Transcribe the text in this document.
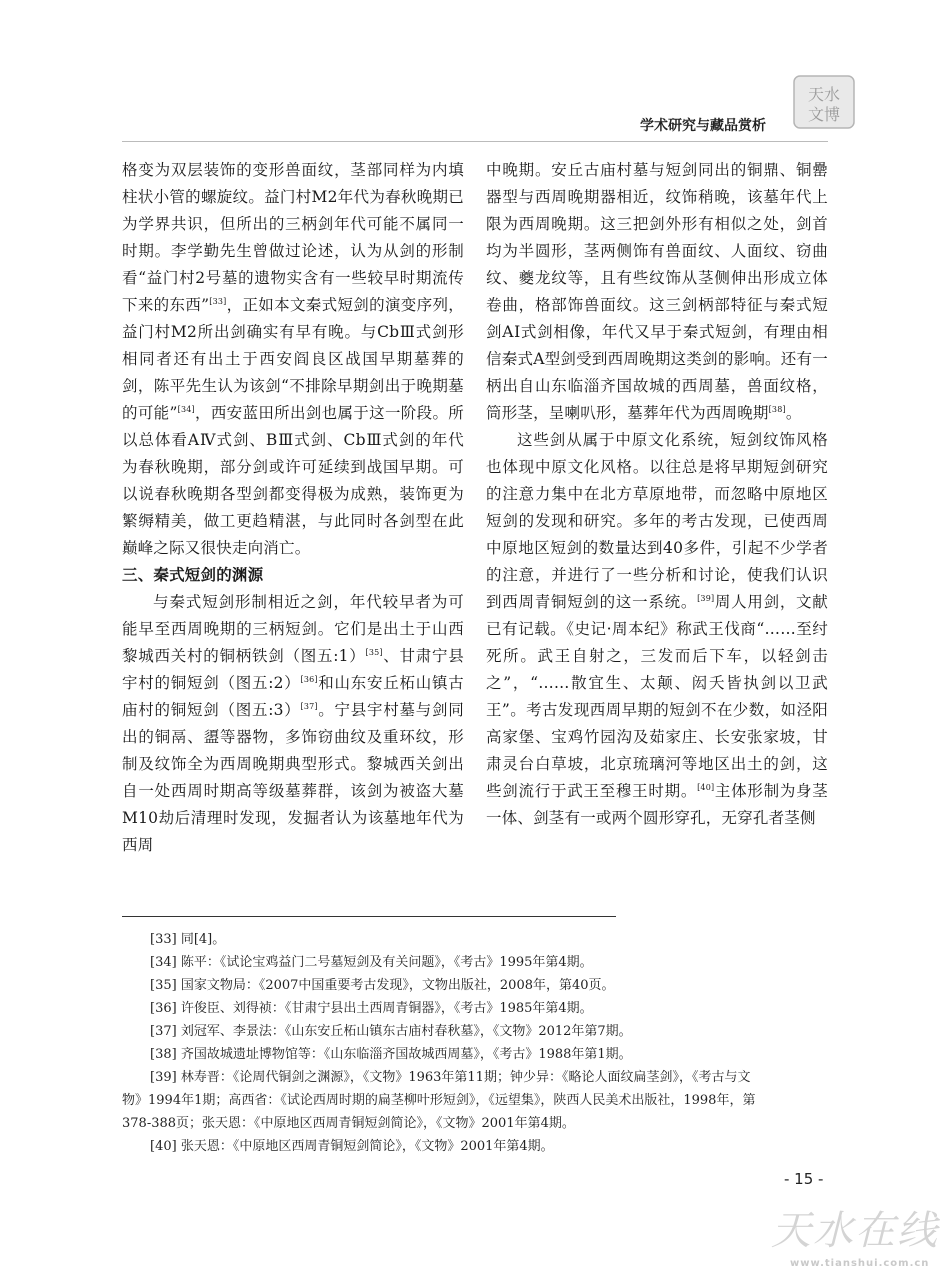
天水
文博
学术研究与藏品赏析

格变为双层装饰的变形兽面纹，茎部同样为内填柱状小管的螺旋纹。益门村M2年代为春秋晚期已为学界共识，但所出的三柄剑年代可能不属同一时期。李学勤先生曾做过论述，认为从剑的形制看“益门村2号墓的遗物实含有一些较早时期流传下来的东西”[33]，正如本文秦式短剑的演变序列，益门村M2所出剑确实有早有晚。与CbⅢ式剑形相同者还有出土于西安阎良区战国早期墓葬的剑，陈平先生认为该剑“不排除早期剑出于晚期墓的可能”[34]，西安蓝田所出剑也属于这一阶段。所以总体看AⅣ式剑、BⅢ式剑、CbⅢ式剑的年代为春秋晚期，部分剑或许可延续到战国早期。可以说春秋晚期各型剑都变得极为成熟，装饰更为繁缛精美，做工更趋精湛，与此同时各剑型在此巅峰之际又很快走向消亡。

三、秦式短剑的渊源

与秦式短剑形制相近之剑，年代较早者为可能早至西周晚期的三柄短剑。它们是出土于山西黎城西关村的铜柄铁剑（图五:1）[35]、甘肃宁县宇村的铜短剑（图五:2）[36]和山东安丘柘山镇古庙村的铜短剑（图五:3）[37]。宁县宇村墓与剑同出的铜鬲、盨等器物，多饰窃曲纹及重环纹，形制及纹饰全为西周晚期典型形式。黎城西关剑出自一处西周时期高等级墓葬群，该剑为被盗大墓M10劫后清理时发现，发掘者认为该墓地年代为西周

中晚期。安丘古庙村墓与短剑同出的铜鼎、铜罍器型与西周晚期器相近，纹饰稍晚，该墓年代上限为西周晚期。这三把剑外形有相似之处，剑首均为半圆形，茎两侧饰有兽面纹、人面纹、窃曲纹、夔龙纹等，且有些纹饰从茎侧伸出形成立体卷曲，格部饰兽面纹。这三剑柄部特征与秦式短剑AⅠ式剑相像，年代又早于秦式短剑，有理由相信秦式A型剑受到西周晚期这类剑的影响。还有一柄出自山东临淄齐国故城的西周墓，兽面纹格，筒形茎，呈喇叭形，墓葬年代为西周晚期[38]。

这些剑从属于中原文化系统，短剑纹饰风格也体现中原文化风格。以往总是将早期短剑研究的注意力集中在北方草原地带，而忽略中原地区短剑的发现和研究。多年的考古发现，已使西周中原地区短剑的数量达到40多件，引起不少学者的注意，并进行了一些分析和讨论，使我们认识到西周青铜短剑的这一系统。[39]周人用剑，文献已有记载。《史记·周本纪》称武王伐商“……至纣死所。武王自射之，三发而后下车，以轻剑击之”，“……散宜生、太颠、闳夭皆执剑以卫武王”。考古发现西周早期的短剑不在少数，如泾阳高家堡、宝鸡竹园沟及茹家庄、长安张家坡，甘肃灵台白草坡，北京琉璃河等地区出土的剑，这些剑流行于武王至穆王时期。[40]主体形制为身茎一体、剑茎有一或两个圆形穿孔，无穿孔者茎侧

[33] 同[4]。

[34] 陈平：《试论宝鸡益门二号墓短剑及有关问题》，《考古》1995年第4期。

[35] 国家文物局：《2007中国重要考古发现》，文物出版社，2008年，第40页。

[36] 许俊臣、刘得祯：《甘肃宁县出土西周青铜器》，《考古》1985年第4期。

[37] 刘冠军、李景法：《山东安丘柘山镇东古庙村春秋墓》，《文物》2012年第7期。

[38] 齐国故城遗址博物馆等：《山东临淄齐国故城西周墓》，《考古》1988年第1期。

[39] 林寿晋：《论周代铜剑之渊源》，《文物》1963年第11期；钟少异：《略论人面纹扁茎剑》，《考古与文

物》1994年1期；高西省：《试论西周时期的扁茎柳叶形短剑》，《远望集》，陕西人民美术出版社，1998年，第

378-388页；张天恩：《中原地区西周青铜短剑简论》，《文物》2001年第4期。

[40] 张天恩：《中原地区西周青铜短剑简论》，《文物》2001年第4期。

- 15 -
天水在线
www.tianshui.com.cn
